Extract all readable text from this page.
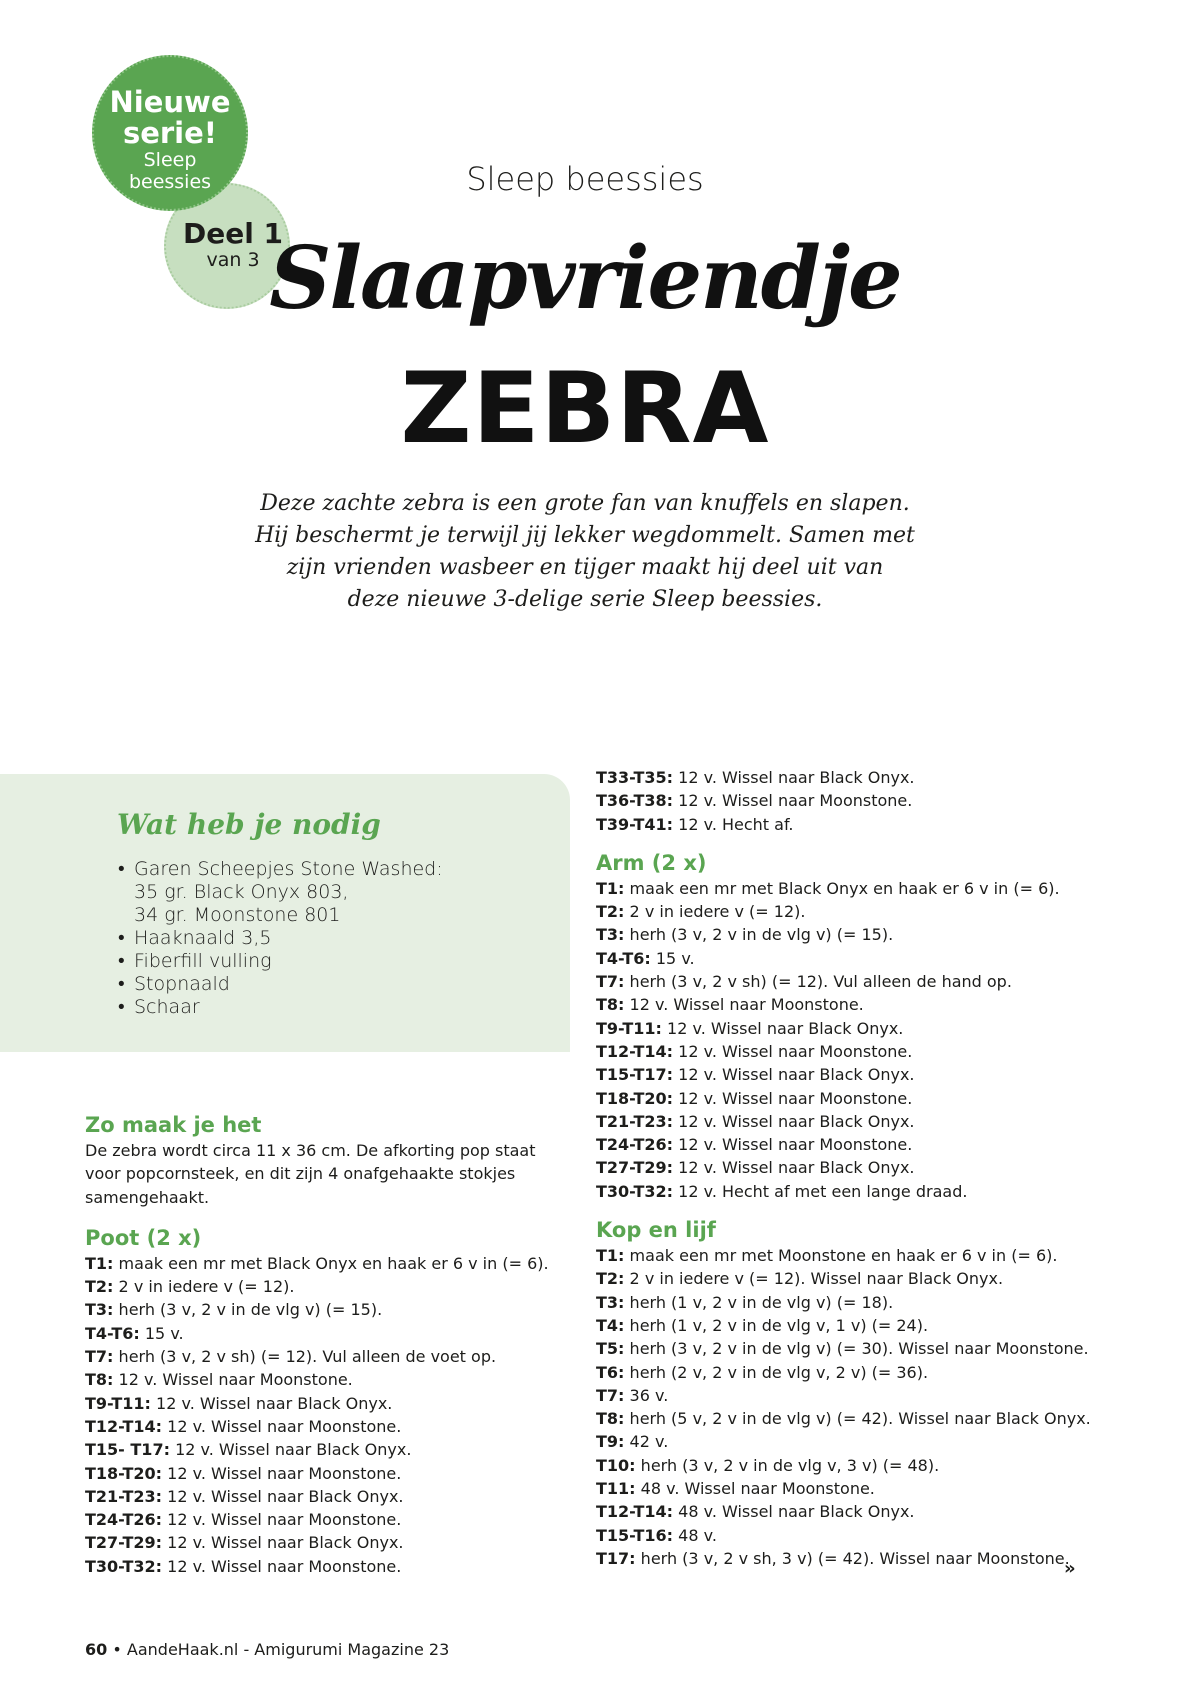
Deel 1
van 3
Nieuwe
serie!
Sleep
beessies	Sleep beessies
Slaapvriendje
ZEBRA

Deze zachte zebra is een grote fan van knuffels en slapen.
Hij beschermt je terwijl jij lekker wegdommelt. Samen met
zijn vrienden wasbeer en tijger maakt hij deel uit van
deze nieuwe 3-delige serie Sleep beessies.

Wat heb je nodig
• Garen Scheepjes Stone Washed:
35 gr. Black Onyx 803,
34 gr. Moonstone 801
• Haaknaald 3,5
• Fiberfill vulling
• Stopnaald
• Schaar
Zo maak je het
De zebra wordt circa 11 x 36 cm. De afkorting pop staat
voor popcornsteek, en dit zijn 4 onafgehaakte stokjes
samengehaakt.
Poot (2 x)
T1: maak een mr met Black Onyx en haak er 6 v in (= 6).
T2: 2 v in iedere v (= 12).
T3: herh (3 v, 2 v in de vlg v) (= 15).
T4-T6: 15 v.
T7: herh (3 v, 2 v sh) (= 12). Vul alleen de voet op.
T8: 12 v. Wissel naar Moonstone.
T9-T11: 12 v. Wissel naar Black Onyx.
T12-T14: 12 v. Wissel naar Moonstone.
T15- T17: 12 v. Wissel naar Black Onyx.
T18-T20: 12 v. Wissel naar Moonstone.
T21-T23: 12 v. Wissel naar Black Onyx.
T24-T26: 12 v. Wissel naar Moonstone.
T27-T29: 12 v. Wissel naar Black Onyx.
T30-T32: 12 v. Wissel naar Moonstone.
T33-T35: 12 v. Wissel naar Black Onyx.
T36-T38: 12 v. Wissel naar Moonstone.
T39-T41: 12 v. Hecht af.
Arm (2 x)
T1: maak een mr met Black Onyx en haak er 6 v in (= 6).
T2: 2 v in iedere v (= 12).
T3: herh (3 v, 2 v in de vlg v) (= 15).
T4-T6: 15 v.
T7: herh (3 v, 2 v sh) (= 12). Vul alleen de hand op.
T8: 12 v. Wissel naar Moonstone.
T9-T11: 12 v. Wissel naar Black Onyx.
T12-T14: 12 v. Wissel naar Moonstone.
T15-T17: 12 v. Wissel naar Black Onyx.
T18-T20: 12 v. Wissel naar Moonstone.
T21-T23: 12 v. Wissel naar Black Onyx.
T24-T26: 12 v. Wissel naar Moonstone.
T27-T29: 12 v. Wissel naar Black Onyx.
T30-T32: 12 v. Hecht af met een lange draad.
Kop en lijf
T1: maak een mr met Moonstone en haak er 6 v in (= 6).
T2: 2 v in iedere v (= 12). Wissel naar Black Onyx.
T3: herh (1 v, 2 v in de vlg v) (= 18).
T4: herh (1 v, 2 v in de vlg v, 1 v) (= 24).
T5: herh (3 v, 2 v in de vlg v) (= 30). Wissel naar Moonstone.
T6: herh (2 v, 2 v in de vlg v, 2 v) (= 36).
T7: 36 v.
T8: herh (5 v, 2 v in de vlg v) (= 42). Wissel naar Black Onyx.
T9: 42 v.
T10: herh (3 v, 2 v in de vlg v, 3 v) (= 48).
T11: 48 v. Wissel naar Moonstone.
T12-T14: 48 v. Wissel naar Black Onyx.
T15-T16: 48 v.
T17: herh (3 v, 2 v sh, 3 v) (= 42). Wissel naar Moonstone.
»
60 • AandeHaak.nl - Amigurumi Magazine 23
